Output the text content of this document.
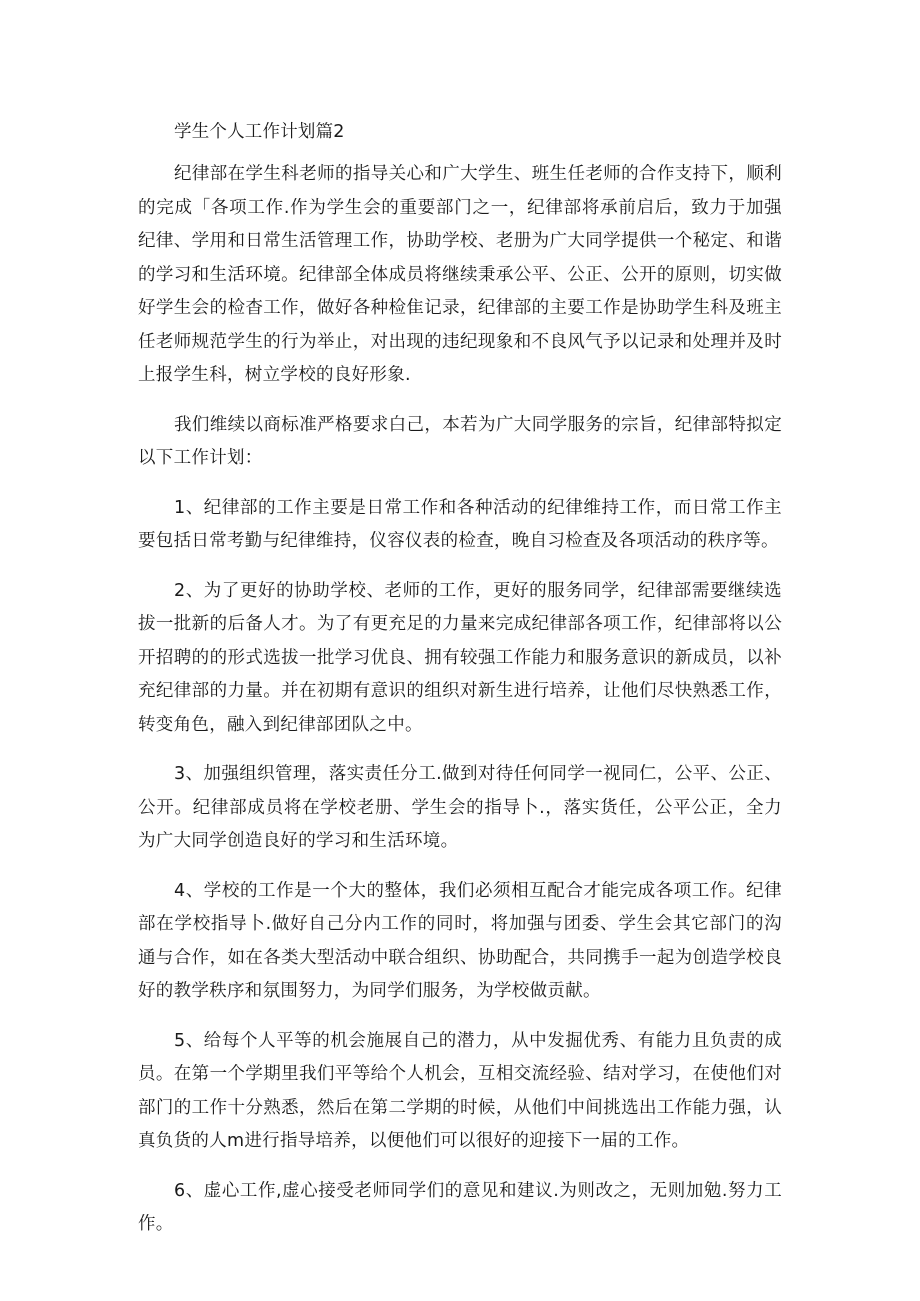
学生个人工作计划篇2

纪律部在学生科老师的指导关心和广大学生、班生任老师的合作支持下，顺利的完成「各项工作.作为学生会的重要部门之一，纪律部将承前启后，致力于加强纪律、学用和日常生活管理工作，协助学校、老册为广大同学提供一个秘定、和谐的学习和生活环境。纪律部全体成员将继续秉承公平、公正、公开的原则，切实做好学生会的检杳工作，做好各种检隹记录，纪律部的主要工作是协助学生科及班主任老师规范学生的行为举止，对出现的违纪现象和不良风气予以记录和处理并及时上报学生科，树立学校的良好形象.

我们维续以商标准严格要求白己，本若为广大同学服务的宗旨，纪律部特拟定以下工作计划：

1、纪律部的工作主要是日常工作和各种活动的纪律维持工作，而日常工作主要包括日常考勤与纪律维持，仪容仪表的检查，晚自习检查及各项活动的秩序等。

2、为了更好的协助学校、老师的工作，更好的服务同学，纪律部需要继续选拔一批新的后备人才。为了有更充足的力量来完成纪律部各项工作，纪律部将以公开招聘的的形式选拔一批学习优良、拥有较强工作能力和服务意识的新成员，以补充纪律部的力量。并在初期有意识的组织对新生进行培养，让他们尽快熟悉工作，转变角色，融入到纪律部团队之中。

3、加强组织管理，落实责任分工.做到对待任何同学一视同仁，公平、公正、公开。纪律部成员将在学校老册、学生会的指导卜.，落实货任，公平公正，全力为广大同学创造良好的学习和生活环境。

4、学校的工作是一个大的整体，我们必须相互配合才能完成各项工作。纪律部在学校指导卜.做好自己分内工作的同时，将加强与团委、学生会其它部门的沟通与合作，如在各类大型活动中联合组织、协助配合，共同携手一起为创造学校良好的教学秩序和氛围努力，为同学们服务，为学校做贡献。

5、给每个人平等的机会施展自己的潜力，从中发掘优秀、有能力且负责的成员。在第一个学期里我们平等给个人机会，互相交流经验、结对学习，在使他们对部门的工作十分熟悉，然后在第二学期的时候，从他们中间挑选出工作能力强，认真负货的人m进行指导培养，以便他们可以很好的迎接下一届的工作。

6、虚心工作,虚心接受老师同学们的意见和建议.为则改之，无则加勉.努力工作。
